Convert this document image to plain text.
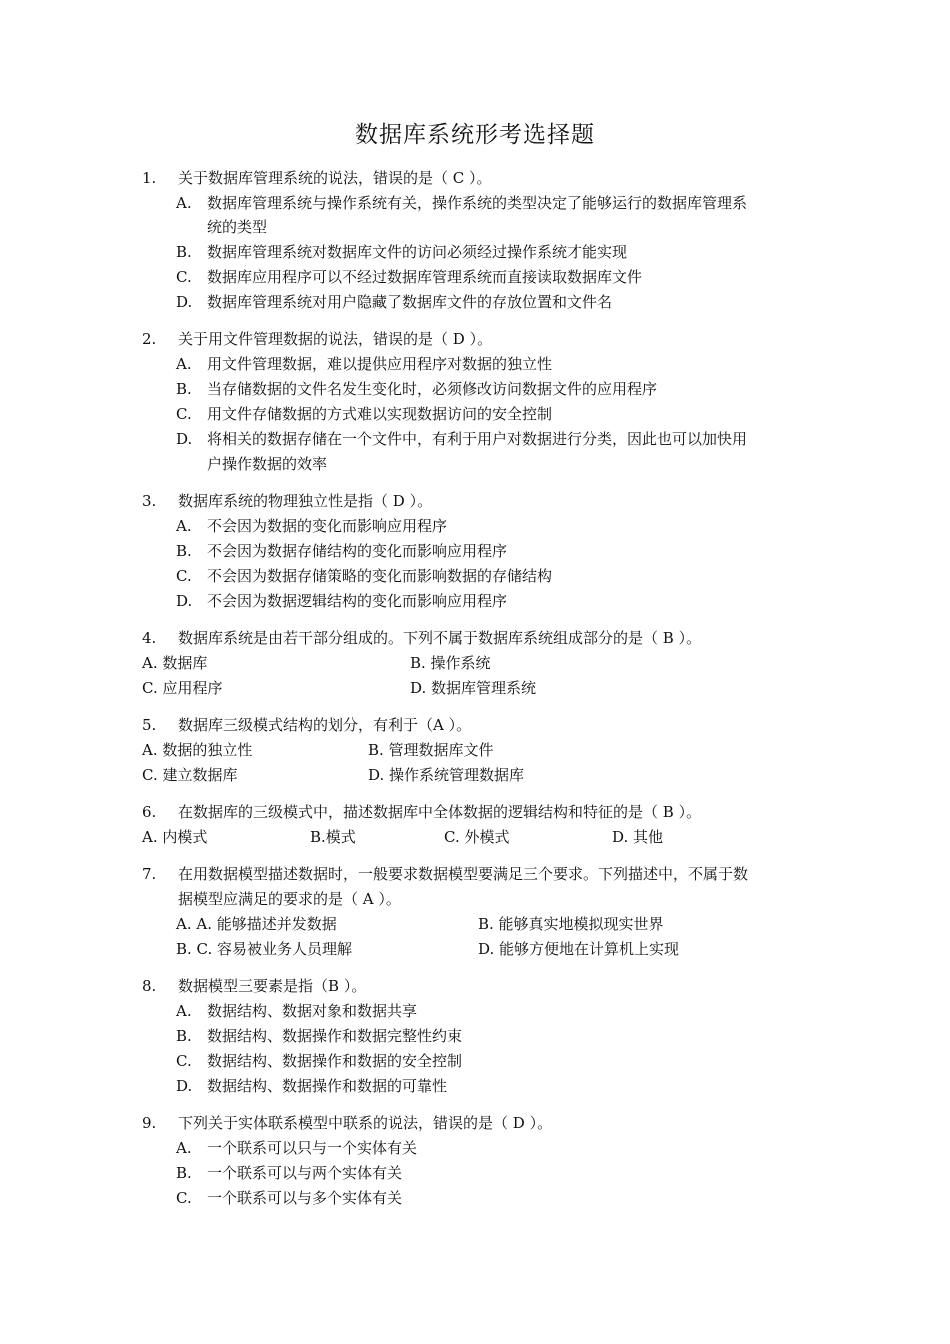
数据库系统形考选择题
1. 关于数据库管理系统的说法，错误的是（ C ）。
A. 数据库管理系统与操作系统有关，操作系统的类型决定了能够运行的数据库管理系
统的类型
B. 数据库管理系统对数据库文件的访问必须经过操作系统才能实现
C. 数据库应用程序可以不经过数据库管理系统而直接读取数据库文件
D. 数据库管理系统对用户隐藏了数据库文件的存放位置和文件名
2. 关于用文件管理数据的说法，错误的是（ D ）。
A. 用文件管理数据，难以提供应用程序对数据的独立性
B. 当存储数据的文件名发生变化时，必须修改访问数据文件的应用程序
C. 用文件存储数据的方式难以实现数据访问的安全控制
D. 将相关的数据存储在一个文件中，有利于用户对数据进行分类，因此也可以加快用
户操作数据的效率
3. 数据库系统的物理独立性是指（ D ）。
A. 不会因为数据的变化而影响应用程序
B. 不会因为数据存储结构的变化而影响应用程序
C. 不会因为数据存储策略的变化而影响数据的存储结构
D. 不会因为数据逻辑结构的变化而影响应用程序
4. 数据库系统是由若干部分组成的。下列不属于数据库系统组成部分的是（ B ）。
A. 数据库	B. 操作系统
C. 应用程序	D. 数据库管理系统
5. 数据库三级模式结构的划分，有利于（A ）。
A. 数据的独立性	B. 管理数据库文件
C. 建立数据库	D. 操作系统管理数据库
6. 在数据库的三级模式中，描述数据库中全体数据的逻辑结构和特征的是（ B ）。
A. 内模式	B.模式	C. 外模式	D. 其他
7. 在用数据模型描述数据时，一般要求数据模型要满足三个要求。下列描述中，不属于数
据模型应满足的要求的是（ A ）。
A. A. 能够描述并发数据	B. 能够真实地模拟现实世界
B. C. 容易被业务人员理解	D. 能够方便地在计算机上实现
8. 数据模型三要素是指（B ）。
A. 数据结构、数据对象和数据共享
B. 数据结构、数据操作和数据完整性约束
C. 数据结构、数据操作和数据的安全控制
D. 数据结构、数据操作和数据的可靠性
9. 下列关于实体联系模型中联系的说法，错误的是（ D ）。
A. 一个联系可以只与一个实体有关
B. 一个联系可以与两个实体有关
C. 一个联系可以与多个实体有关
